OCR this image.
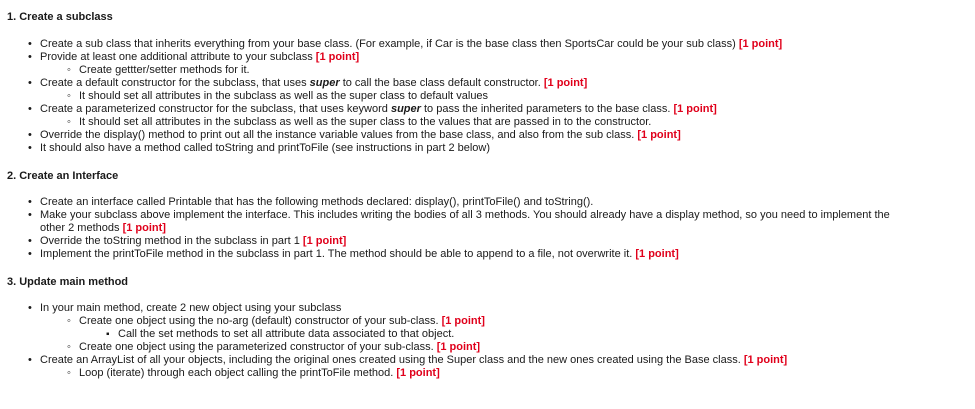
1. Create a subclass
• Create a sub class that inherits everything from your base class. (For example, if Car is the base class then SportsCar could be your sub class) [1 point]
• Provide at least one additional attribute to your subclass [1 point]
◦ Create gettter/setter methods for it.
• Create a default constructor for the subclass, that uses super to call the base class default constructor. [1 point]
◦ It should set all attributes in the subclass as well as the super class to default values
• Create a parameterized constructor for the subclass, that uses keyword super to pass the inherited parameters to the base class. [1 point]
◦ It should set all attributes in the subclass as well as the super class to the values that are passed in to the constructor.
• Override the display() method to print out all the instance variable values from the base class, and also from the sub class. [1 point]
• It should also have a method called toString and printToFile (see instructions in part 2 below)
2. Create an Interface
• Create an interface called Printable that has the following methods declared: display(), printToFile() and toString().
• Make your subclass above implement the interface. This includes writing the bodies of all 3 methods. You should already have a display method, so you need to implement the
other 2 methods [1 point]
• Override the toString method in the subclass in part 1 [1 point]
• Implement the printToFile method in the subclass in part 1. The method should be able to append to a file, not overwrite it. [1 point]
3. Update main method
• In your main method, create 2 new object using your subclass
◦ Create one object using the no-arg (default) constructor of your sub-class. [1 point]
▪ Call the set methods to set all attribute data associated to that object.
◦ Create one object using the parameterized constructor of your sub-class. [1 point]
• Create an ArrayList of all your objects, including the original ones created using the Super class and the new ones created using the Base class. [1 point]
◦ Loop (iterate) through each object calling the printToFile method. [1 point]
